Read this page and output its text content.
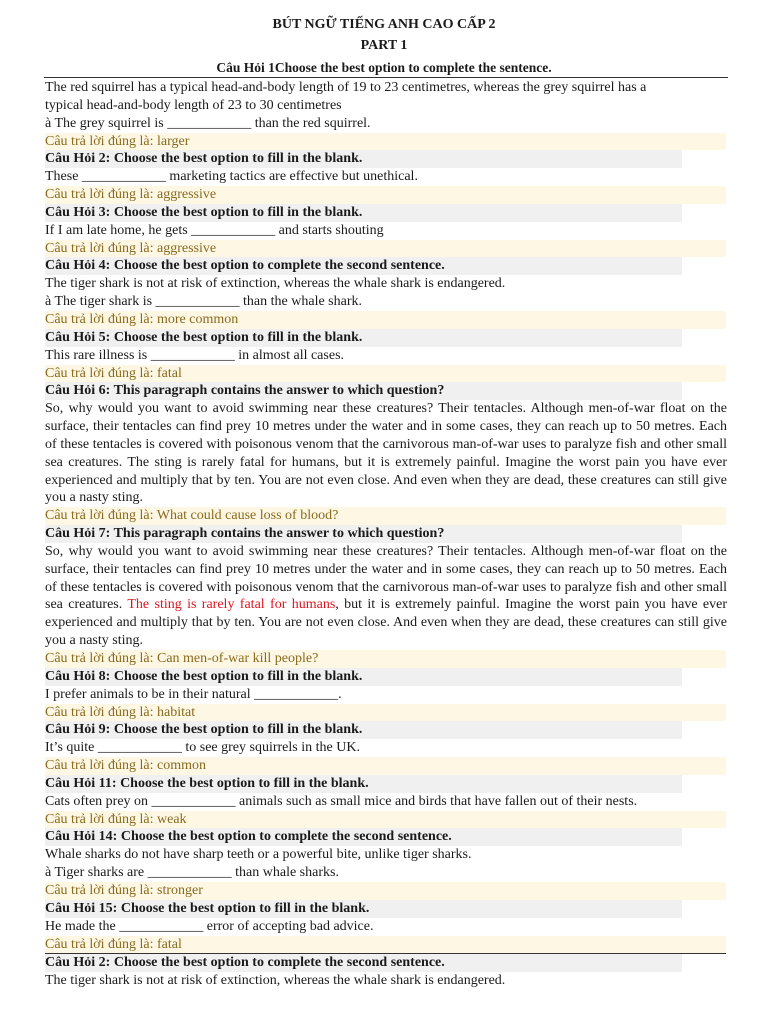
BÚT NGỮ TIẾNG ANH CAO CẤP 2
PART 1
Câu Hỏi 1Choose the best option to complete the sentence.
The red squirrel has a typical head-and-body length of 19 to 23 centimetres, whereas the grey squirrel has a
typical head-and-body length of 23 to 30 centimetres
à The grey squirrel is ____________ than the red squirrel.
Câu trả lời đúng là: larger
Câu Hỏi 2: Choose the best option to fill in the blank.
These ____________ marketing tactics are effective but unethical.
Câu trả lời đúng là: aggressive
Câu Hỏi 3: Choose the best option to fill in the blank.
If I am late home, he gets ____________ and starts shouting
Câu trả lời đúng là: aggressive
Câu Hỏi 4: Choose the best option to complete the second sentence.
The tiger shark is not at risk of extinction, whereas the whale shark is endangered.
à The tiger shark is ____________ than the whale shark.
Câu trả lời đúng là: more common
Câu Hỏi 5: Choose the best option to fill in the blank.
This rare illness is ____________ in almost all cases.
Câu trả lời đúng là: fatal
Câu Hỏi 6: This paragraph contains the answer to which question?
So, why would you want to avoid swimming near these creatures? Their tentacles. Although men-of-war float on the surface, their tentacles can find prey 10 metres under the water and in some cases, they can reach up to 50 metres. Each of these tentacles is covered with poisonous venom that the carnivorous man-of-war uses to paralyze fish and other small sea creatures. The sting is rarely fatal for humans, but it is extremely painful. Imagine the worst pain you have ever experienced and multiply that by ten. You are not even close. And even when they are dead, these creatures can still give you a nasty sting.
Câu trả lời đúng là: What could cause loss of blood?
Câu Hỏi 7: This paragraph contains the answer to which question?
So, why would you want to avoid swimming near these creatures? Their tentacles. Although men-of-war float on the surface, their tentacles can find prey 10 metres under the water and in some cases, they can reach up to 50 metres. Each of these tentacles is covered with poisonous venom that the carnivorous man-of-war uses to paralyze fish and other small sea creatures. The sting is rarely fatal for humans, but it is extremely painful. Imagine the worst pain you have ever experienced and multiply that by ten. You are not even close. And even when they are dead, these creatures can still give you a nasty sting.
Câu trả lời đúng là: Can men-of-war kill people?
Câu Hỏi 8: Choose the best option to fill in the blank.
I prefer animals to be in their natural ____________.
Câu trả lời đúng là: habitat
Câu Hỏi 9: Choose the best option to fill in the blank.
It’s quite ____________ to see grey squirrels in the UK.
Câu trả lời đúng là: common
Câu Hỏi 11: Choose the best option to fill in the blank.
Cats often prey on ____________ animals such as small mice and birds that have fallen out of their nests.
Câu trả lời đúng là: weak
Câu Hỏi 14: Choose the best option to complete the second sentence.
Whale sharks do not have sharp teeth or a powerful bite, unlike tiger sharks.
à Tiger sharks are ____________ than whale sharks.
Câu trả lời đúng là: stronger
Câu Hỏi 15: Choose the best option to fill in the blank.
He made the ____________ error of accepting bad advice.
Câu trả lời đúng là: fatal
Câu Hỏi 2: Choose the best option to complete the second sentence.
The tiger shark is not at risk of extinction, whereas the whale shark is endangered.
